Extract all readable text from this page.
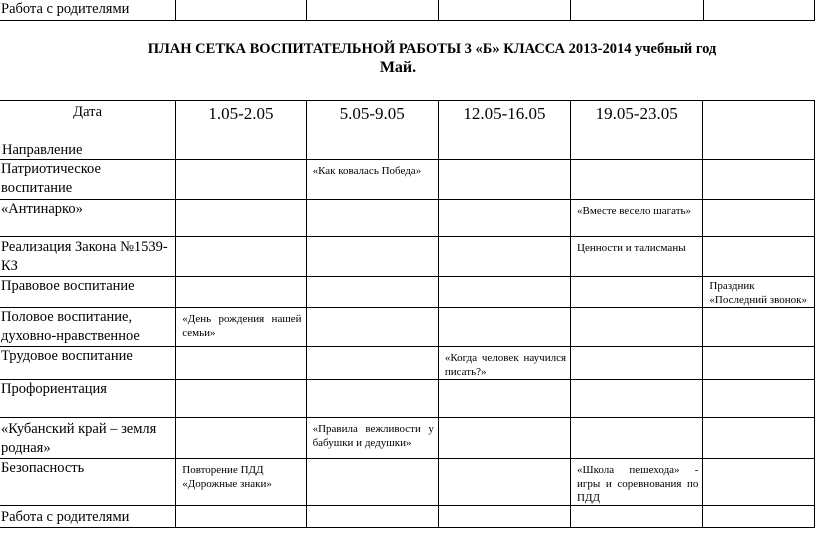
Работа с родителями					
ПЛАН СЕТКА ВОСПИТАТЕЛЬНОЙ РАБОТЫ 3 «Б» КЛАССА 2013-2014 учебный год
Май.
Дата
Направление	1.05-2.05	5.05-9.05	12.05-16.05	19.05-23.05	
Патриотическое воспитание		«Как ковалась Победа»			
«Антинарко»				«Вместе весело шагать»	
Реализация Закона №1539-КЗ				Ценности и талисманы	
Правовое воспитание					Праздник «Последний звонок»
Половое воспитание, духовно-нравственное	«День рождения нашей семьи»				
Трудовое воспитание			«Когда человек научился писать?»		
Профориентация					
«Кубанский край – земля родная»		«Правила вежливости у бабушки и дедушки»			
Безопасность	Повторение ПДД «Дорожные знаки»			«Школа пешехода» - игры и соревнования по ПДД	
Работа с родителями					
